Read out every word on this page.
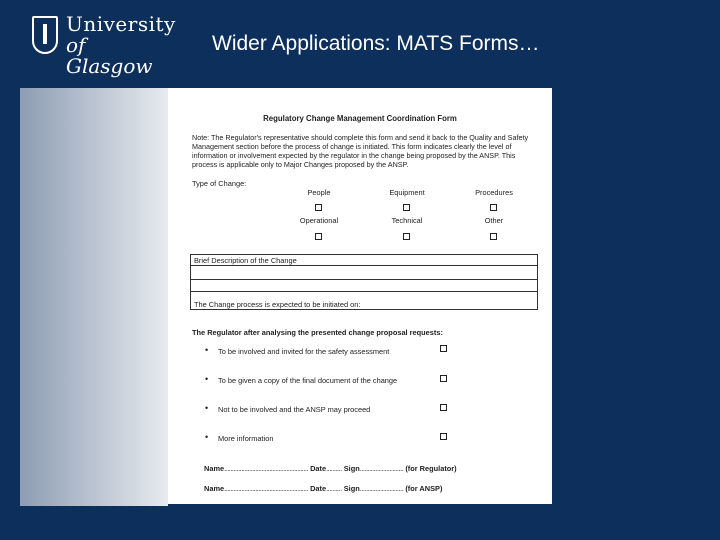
University
of Glasgow
Wider Applications: MATS Forms…
Regulatory Change Management Coordination Form
Note: The Regulator's representative should complete this form and send it back to the Quality and Safety Management section before the process of change is initiated. This form indicates clearly the level of information or involvement expected by the regulator in the change being proposed by the ANSP. This process is applicable only to Major Changes proposed by the ANSP.
Type of Change:
People	Equipment	Procedures
Operational	Technical	Other
Brief Description of the Change
The Change process is expected to be initiated on:
The Regulator after analysing the presented change proposal requests:
• To be involved and invited for the safety assessment
• To be given a copy of the final document of the change
• Not to be involved and the ANSP may proceed
• More information
Name...................................................... Date.......... Sign............................ (for Regulator)
Name...................................................... Date.......... Sign............................ (for ANSP)
